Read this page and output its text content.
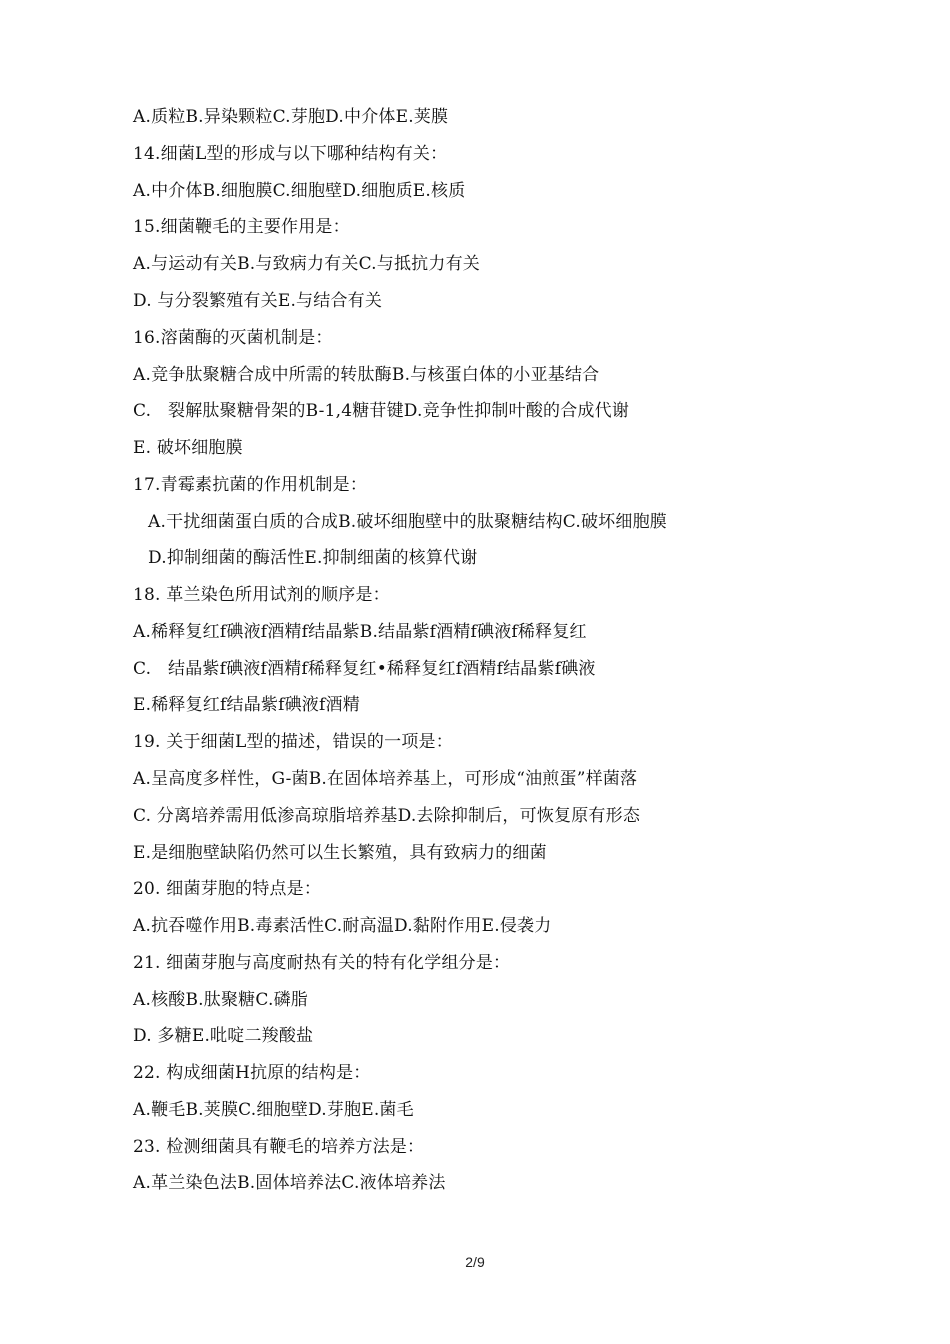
A.质粒B.异染颗粒C.芽胞D.中介体E.荚膜
14.细菌L型的形成与以下哪种结构有关：
A.中介体B.细胞膜C.细胞壁D.细胞质E.核质
15.细菌鞭毛的主要作用是：
A.与运动有关B.与致病力有关C.与抵抗力有关
D. 与分裂繁殖有关E.与结合有关
16.溶菌酶的灭菌机制是：
A.竞争肽聚糖合成中所需的转肽酶B.与核蛋白体的小亚基结合
C.   裂解肽聚糖骨架的B-1,4糖苷键D.竞争性抑制叶酸的合成代谢
E. 破坏细胞膜
17.青霉素抗菌的作用机制是：
A.干扰细菌蛋白质的合成B.破坏细胞壁中的肽聚糖结构C.破坏细胞膜
D.抑制细菌的酶活性E.抑制细菌的核算代谢
18. 革兰染色所用试剂的顺序是：
A.稀释复红f碘液f酒精f结晶紫B.结晶紫f酒精f碘液f稀释复红
C.   结晶紫f碘液f酒精f稀释复红•稀释复红f酒精f结晶紫f碘液
E.稀释复红f结晶紫f碘液f酒精
19. 关于细菌L型的描述，错误的一项是：
A.呈高度多样性，G-菌B.在固体培养基上，可形成“油煎蛋”样菌落
C. 分离培养需用低渗高琼脂培养基D.去除抑制后，可恢复原有形态
E.是细胞壁缺陷仍然可以生长繁殖，具有致病力的细菌
20. 细菌芽胞的特点是：
A.抗吞噬作用B.毒素活性C.耐高温D.黏附作用E.侵袭力
21. 细菌芽胞与高度耐热有关的特有化学组分是：
A.核酸B.肽聚糖C.磷脂
D. 多糖E.吡啶二羧酸盐
22. 构成细菌H抗原的结构是：
A.鞭毛B.荚膜C.细胞壁D.芽胞E.菌毛
23. 检测细菌具有鞭毛的培养方法是：
A.革兰染色法B.固体培养法C.液体培养法
2/9
